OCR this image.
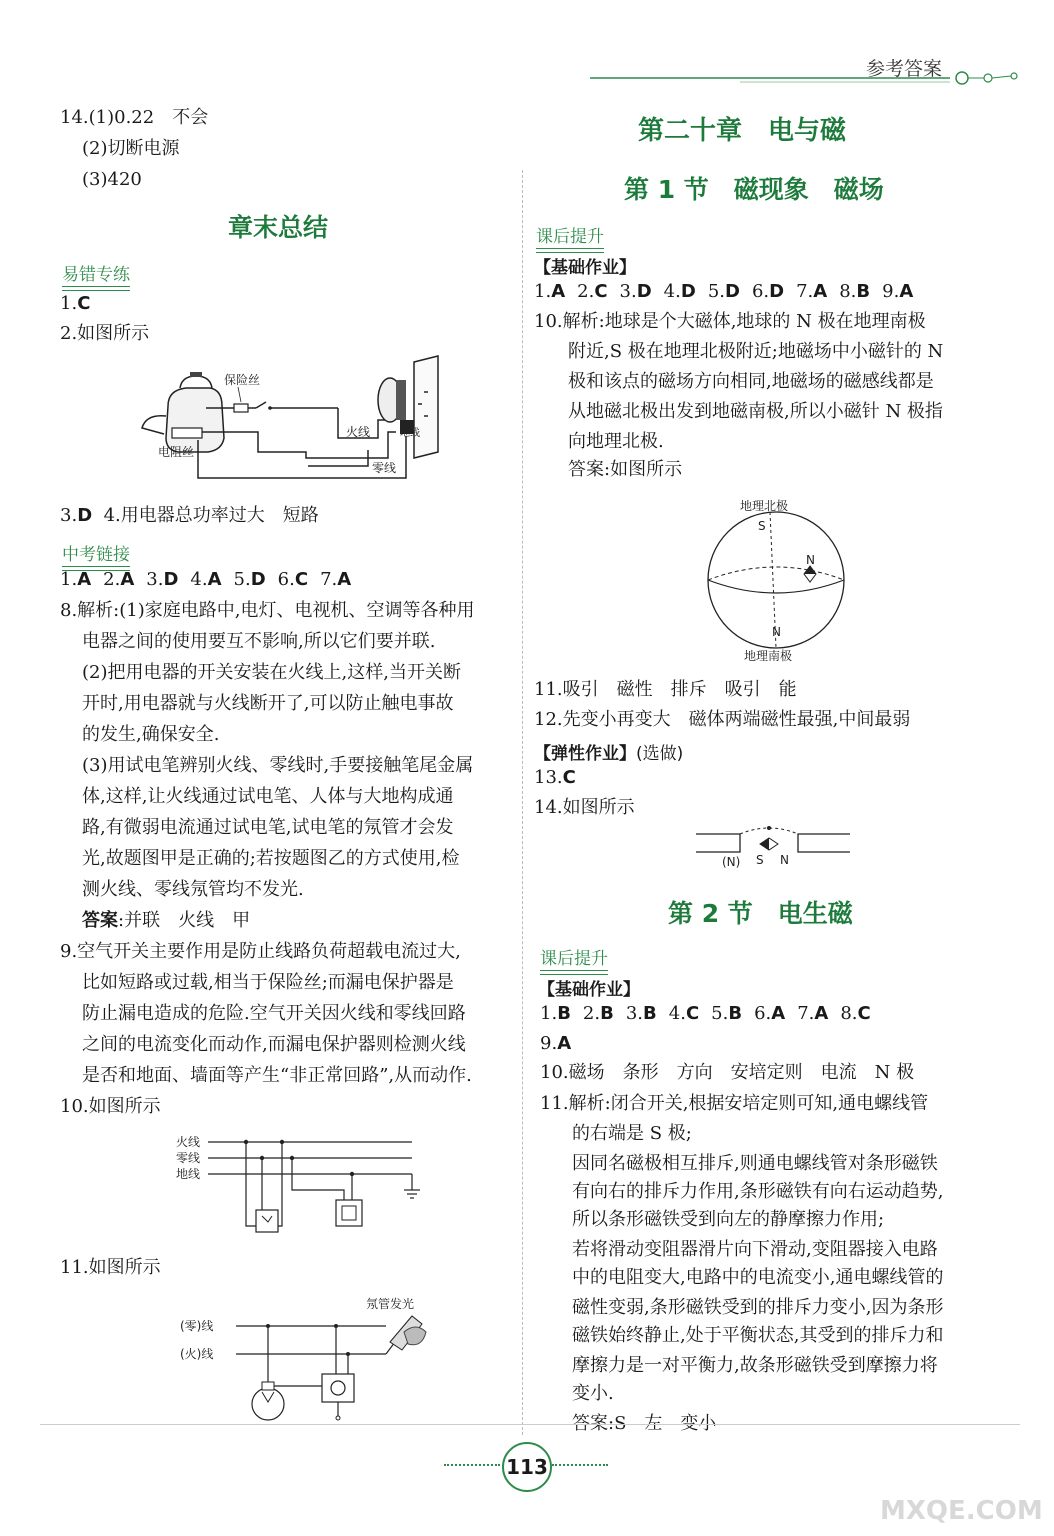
参考答案
14.(1)0.22　不会
(2)切断电源
(3)420
章末总结
易错专练
1.C
2.如图所示
保险丝
火线	地线
零线
电阻丝
3.D 4.用电器总功率过大　短路
中考链接
1.A 2.A 3.D 4.A 5.D 6.C 7.A
8.解析:(1)家庭电路中,电灯、电视机、空调等各种用
电器之间的使用要互不影响,所以它们要并联.
(2)把用电器的开关安装在火线上,这样,当开关断
开时,用电器就与火线断开了,可以防止触电事故
的发生,确保安全.
(3)用试电笔辨别火线、零线时,手要接触笔尾金属
体,这样,让火线通过试电笔、人体与大地构成通
路,有微弱电流通过试电笔,试电笔的氖管才会发
光,故题图甲是正确的;若按题图乙的方式使用,检
测火线、零线氖管均不发光.
答案:并联　火线　甲
9.空气开关主要作用是防止线路负荷超载电流过大,
比如短路或过载,相当于保险丝;而漏电保护器是
防止漏电造成的危险.空气开关因火线和零线回路
之间的电流变化而动作,而漏电保护器则检测火线
是否和地面、墙面等产生“非正常回路”,从而动作.
10.如图所示
火线
零线
地线
11.如图所示
氖管发光
(零)线
(火)线
第二十章　电与磁
第 1 节　磁现象　磁场
课后提升
【基础作业】
1.A 2.C 3.D 4.D 5.D 6.D 7.A 8.B 9.A
10.解析:地球是个大磁体,地球的 N 极在地理南极
附近,S 极在地理北极附近;地磁场中小磁针的 N
极和该点的磁场方向相同,地磁场的磁感线都是
从地磁北极出发到地磁南极,所以小磁针 N 极指
向地理北极.
答案:如图所示
地理北极
地理南极
S
N
N
11.吸引　磁性　排斥　吸引　能
12.先变小再变大　磁体两端磁性最强,中间最弱
【弹性作业】(选做)
13.C
14.如图所示
(N) S N
第 2 节　电生磁
课后提升
【基础作业】
1.B 2.B 3.B 4.C 5.B 6.A 7.A 8.C
9.A
10.磁场　条形　方向　安培定则　电流　N 极
11.解析:闭合开关,根据安培定则可知,通电螺线管
的右端是 S 极;
因同名磁极相互排斥,则通电螺线管对条形磁铁
有向右的排斥力作用,条形磁铁有向右运动趋势,
所以条形磁铁受到向左的静摩擦力作用;
若将滑动变阻器滑片向下滑动,变阻器接入电路
中的电阻变大,电路中的电流变小,通电螺线管的
磁性变弱,条形磁铁受到的排斥力变小,因为条形
磁铁始终静止,处于平衡状态,其受到的排斥力和
摩擦力是一对平衡力,故条形磁铁受到摩擦力将
变小.
答案:S　左　变小
113
MXQE.COM
